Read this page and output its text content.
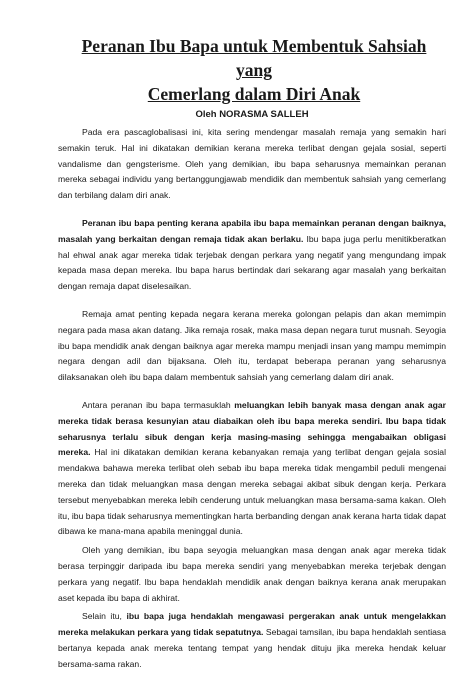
Peranan Ibu Bapa untuk Membentuk Sahsiah yang
Cemerlang dalam Diri Anak
Oleh NORASMA SALLEH

Pada era pascaglobalisasi ini, kita sering mendengar masalah remaja yang semakin hari semakin teruk. Hal ini dikatakan demikian kerana mereka terlibat dengan gejala sosial, seperti vandalisme dan gengsterisme. Oleh yang demikian, ibu bapa seharusnya memainkan peranan mereka sebagai individu yang bertanggungjawab mendidik dan membentuk sahsiah yang cemerlang dan terbilang dalam diri anak.

Peranan ibu bapa penting kerana apabila ibu bapa memainkan peranan dengan baiknya, masalah yang berkaitan dengan remaja tidak akan berlaku. Ibu bapa juga perlu menitikberatkan hal ehwal anak agar mereka tidak terjebak dengan perkara yang negatif yang mengundang impak kepada masa depan mereka. Ibu bapa harus bertindak dari sekarang agar masalah yang berkaitan dengan remaja dapat diselesaikan.

Remaja amat penting kepada negara kerana mereka golongan pelapis dan akan memimpin negara pada masa akan datang. Jika remaja rosak, maka masa depan negara turut musnah. Seyogia ibu bapa mendidik anak dengan baiknya agar mereka mampu menjadi insan yang mampu memimpin negara dengan adil dan bijaksana. Oleh itu, terdapat beberapa peranan yang seharusnya dilaksanakan oleh ibu bapa dalam membentuk sahsiah yang cemerlang dalam diri anak.

Antara peranan ibu bapa termasuklah meluangkan lebih banyak masa dengan anak agar mereka tidak berasa kesunyian atau diabaikan oleh ibu bapa mereka sendiri. Ibu bapa tidak seharusnya terlalu sibuk dengan kerja masing-masing sehingga mengabaikan obligasi mereka. Hal ini dikatakan demikian kerana kebanyakan remaja yang terlibat dengan gejala sosial mendakwa bahawa mereka terlibat oleh sebab ibu bapa mereka tidak mengambil peduli mengenai mereka dan tidak meluangkan masa dengan mereka sebagai akibat sibuk dengan kerja. Perkara tersebut menyebabkan mereka lebih cenderung untuk meluangkan masa bersama-sama kakan. Oleh itu, ibu bapa tidak seharusnya mementingkan harta berbanding dengan anak kerana harta tidak dapat dibawa ke mana-mana apabila meninggal dunia.

Oleh yang demikian, ibu bapa seyogia meluangkan masa dengan anak agar mereka tidak berasa terpinggir daripada ibu bapa mereka sendiri yang menyebabkan mereka terjebak dengan perkara yang negatif. Ibu bapa hendaklah mendidik anak dengan baiknya kerana anak merupakan aset kepada ibu bapa di akhirat.

Selain itu, ibu bapa juga hendaklah mengawasi pergerakan anak untuk mengelakkan mereka melakukan perkara yang tidak sepatutnya. Sebagai tamsilan, ibu bapa hendaklah sentiasa bertanya kepada anak mereka tentang tempat yang hendak dituju jika mereka hendak keluar bersama-sama rakan.
